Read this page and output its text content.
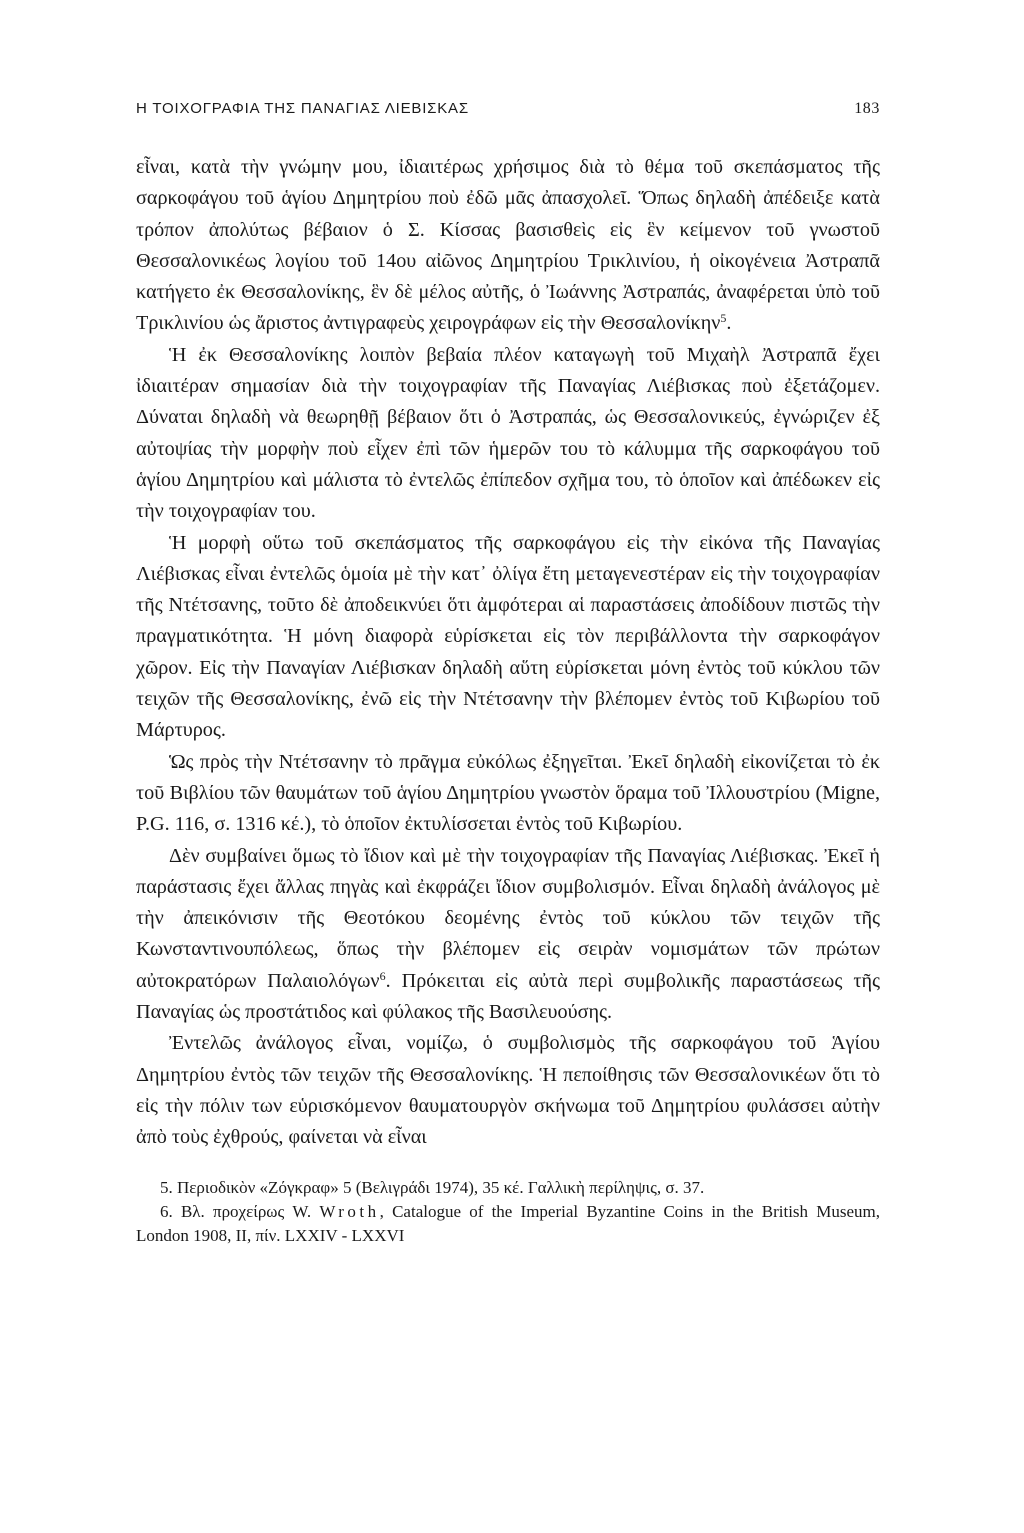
Η ΤΟΙΧΟΓΡΑΦΙΑ ΤΗΣ ΠΑΝΑΓΙΑΣ ΛΙΕΒΙΣΚΑΣ	183

εἶναι, κατὰ τὴν γνώμην μου, ἰδιαιτέρως χρήσιμος διὰ τὸ θέμα τοῦ σκεπάσματος τῆς σαρκοφάγου τοῦ ἁγίου Δημητρίου ποὺ ἐδῶ μᾶς ἀπασχολεῖ. Ὅπως δηλαδὴ ἀπέδειξε κατὰ τρόπον ἀπολύτως βέβαιον ὁ Σ. Κίσσας βασισθεὶς εἰς ἓν κείμενον τοῦ γνωστοῦ Θεσσαλονικέως λογίου τοῦ 14ου αἰῶνος Δημητρίου Τρικλινίου, ἡ οἰκογένεια Ἀστραπᾶ κατήγετο ἐκ Θεσσαλονίκης, ἓν δὲ μέλος αὐτῆς, ὁ Ἰωάννης Ἀστραπάς, ἀναφέρεται ὑπὸ τοῦ Τρικλινίου ὡς ἄριστος ἀντιγραφεὺς χειρογράφων εἰς τὴν Θεσσαλονίκην$^5$.

Ἡ ἐκ Θεσσαλονίκης λοιπὸν βεβαία πλέον καταγωγὴ τοῦ Μιχαὴλ Ἀστραπᾶ ἔχει ἰδιαιτέραν σημασίαν διὰ τὴν τοιχογραφίαν τῆς Παναγίας Λιέβισκας ποὺ ἐξετάζομεν. Δύναται δηλαδὴ νὰ θεωρηθῇ βέβαιον ὅτι ὁ Ἀστραπάς, ὡς Θεσσαλονικεύς, ἐγνώριζεν ἐξ αὐτοψίας τὴν μορφὴν ποὺ εἶχεν ἐπὶ τῶν ἡμερῶν του τὸ κάλυμμα τῆς σαρκοφάγου τοῦ ἁγίου Δημητρίου καὶ μάλιστα τὸ ἐντελῶς ἐπίπεδον σχῆμα του, τὸ ὁποῖον καὶ ἀπέδωκεν εἰς τὴν τοιχογραφίαν του.

Ἡ μορφὴ οὕτω τοῦ σκεπάσματος τῆς σαρκοφάγου εἰς τὴν εἰκόνα τῆς Παναγίας Λιέβισκας εἶναι ἐντελῶς ὁμοία μὲ τὴν κατ᾽ ὀλίγα ἔτη μεταγενεστέραν εἰς τὴν τοιχογραφίαν τῆς Ντέτσανης, τοῦτο δὲ ἀποδεικνύει ὅτι ἀμφότεραι αἱ παραστάσεις ἀποδίδουν πιστῶς τὴν πραγματικότητα. Ἡ μόνη διαφορὰ εὑρίσκεται εἰς τὸν περιβάλλοντα τὴν σαρκοφάγον χῶρον. Εἰς τὴν Παναγίαν Λιέβισκαν δηλαδὴ αὕτη εὑρίσκεται μόνη ἐντὸς τοῦ κύκλου τῶν τειχῶν τῆς Θεσσαλονίκης, ἐνῶ εἰς τὴν Ντέτσανην τὴν βλέπομεν ἐντὸς τοῦ Κιβωρίου τοῦ Μάρτυρος.

Ὡς πρὸς τὴν Ντέτσανην τὸ πρᾶγμα εὐκόλως ἐξηγεῖται. Ἐκεῖ δηλαδὴ εἰκονίζεται τὸ ἐκ τοῦ Βιβλίου τῶν θαυμάτων τοῦ ἁγίου Δημητρίου γνωστὸν ὅραμα τοῦ Ἰλλουστρίου (Migne, P.G. 116, σ. 1316 κέ.), τὸ ὁποῖον ἐκτυλίσσεται ἐντὸς τοῦ Κιβωρίου.

Δὲν συμβαίνει ὅμως τὸ ἴδιον καὶ μὲ τὴν τοιχογραφίαν τῆς Παναγίας Λιέβισκας. Ἐκεῖ ἡ παράστασις ἔχει ἄλλας πηγὰς καὶ ἐκφράζει ἴδιον συμβολισμόν. Εἶναι δηλαδὴ ἀνάλογος μὲ τὴν ἀπεικόνισιν τῆς Θεοτόκου δεομένης ἐντὸς τοῦ κύκλου τῶν τειχῶν τῆς Κωνσταντινουπόλεως, ὅπως τὴν βλέπομεν εἰς σειρὰν νομισμάτων τῶν πρώτων αὐτοκρατόρων Παλαιολόγων$^6$. Πρόκειται εἰς αὐτὰ περὶ συμβολικῆς παραστάσεως τῆς Παναγίας ὡς προστάτιδος καὶ φύλακος τῆς Βασιλευούσης.

Ἐντελῶς ἀνάλογος εἶναι, νομίζω, ὁ συμβολισμὸς τῆς σαρκοφάγου τοῦ Ἁγίου Δημητρίου ἐντὸς τῶν τειχῶν τῆς Θεσσαλονίκης. Ἡ πεποίθησις τῶν Θεσσαλονικέων ὅτι τὸ εἰς τὴν πόλιν των εὑρισκόμενον θαυματουργὸν σκήνωμα τοῦ Δημητρίου φυλάσσει αὐτὴν ἀπὸ τοὺς ἐχθρούς, φαίνεται νὰ εἶναι

5. Περιοδικὸν «Ζόγκραφ» 5 (Βελιγράδι 1974), 35 κέ. Γαλλικὴ περίληψις, σ. 37.

6. Βλ. προχείρως W. Wroth, Catalogue of the Imperial Byzantine Coins in the British Museum, London 1908, II, πίν. LXXIV - LXXVI
